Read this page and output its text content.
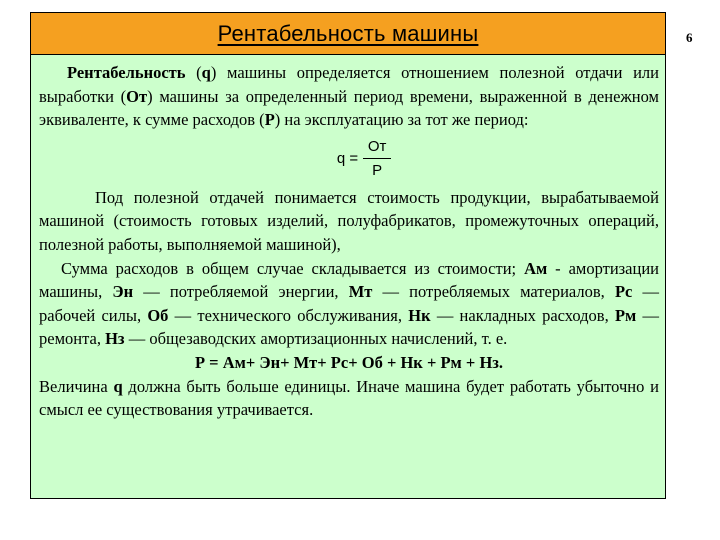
6
Рентабельность машины

Рентабельность (q) машины определяется отношением полезной отдачи или выработки (От) машины за определенный период времени, выраженной в денежном эквиваленте, к сумме расходов (Р) на эксплуатацию за тот же период:

$q = \frac{От}{Р}$

Под полезной отдачей понимается стоимость продукции, вырабатываемой машиной (стоимость готовых изделий, полуфабрикатов, промежуточных операций, полезной работы, выполняемой машиной),

Сумма расходов в общем случае складывается из стоимости; Ам - амортизации машины, Эн — потребляемой энергии, Мт — потребляемых материалов, Рс — рабочей силы, Об — технического обслуживания, Нк — накладных расходов, Рм — ремонта, Нз — общезаводских амортизационных начислений, т. е.

Р = Ам+ Эн+ Мт+ Рс+ Об + Нк + Рм + Нз.

Величина q должна быть больше единицы. Иначе машина будет работать убыточно и смысл ее существования утрачивается.
